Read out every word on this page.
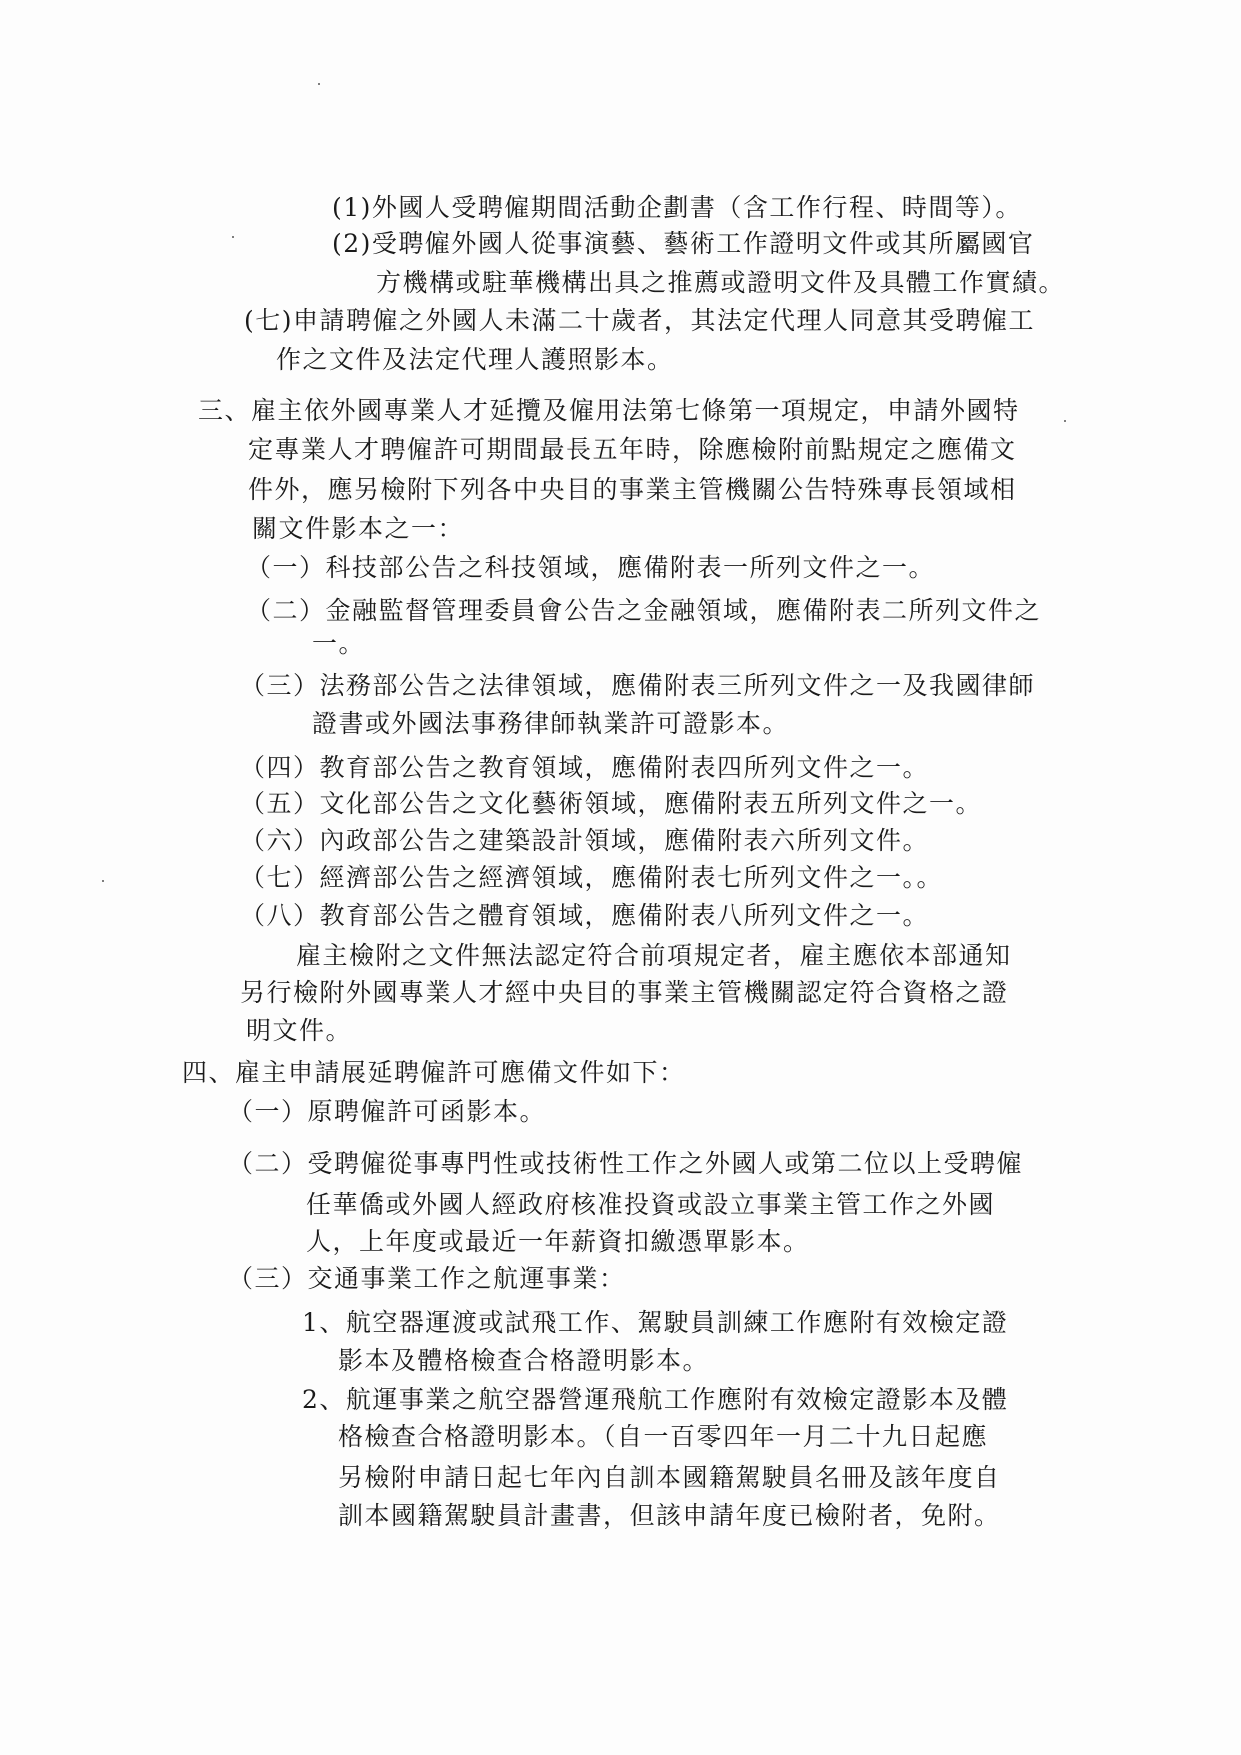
(1)外國人受聘僱期間活動企劃書（含工作行程、時間等）。
(2)受聘僱外國人從事演藝、藝術工作證明文件或其所屬國官
方機構或駐華機構出具之推薦或證明文件及具體工作實績。
(七)申請聘僱之外國人未滿二十歲者，其法定代理人同意其受聘僱工
作之文件及法定代理人護照影本。
三、雇主依外國專業人才延攬及僱用法第七條第一項規定，申請外國特
定專業人才聘僱許可期間最長五年時，除應檢附前點規定之應備文
件外，應另檢附下列各中央目的事業主管機關公告特殊專長領域相
關文件影本之一：
（一）科技部公告之科技領域，應備附表一所列文件之一。
（二）金融監督管理委員會公告之金融領域，應備附表二所列文件之
一。
（三）法務部公告之法律領域，應備附表三所列文件之一及我國律師
證書或外國法事務律師執業許可證影本。
（四）教育部公告之教育領域，應備附表四所列文件之一。
（五）文化部公告之文化藝術領域，應備附表五所列文件之一。
（六）內政部公告之建築設計領域，應備附表六所列文件。
（七）經濟部公告之經濟領域，應備附表七所列文件之一。。
（八）教育部公告之體育領域，應備附表八所列文件之一。
雇主檢附之文件無法認定符合前項規定者，雇主應依本部通知
另行檢附外國專業人才經中央目的事業主管機關認定符合資格之證
明文件。
四、雇主申請展延聘僱許可應備文件如下：
（一）原聘僱許可函影本。
（二）受聘僱從事專門性或技術性工作之外國人或第二位以上受聘僱
任華僑或外國人經政府核准投資或設立事業主管工作之外國
人，上年度或最近一年薪資扣繳憑單影本。
（三）交通事業工作之航運事業：
1、航空器運渡或試飛工作、駕駛員訓練工作應附有效檢定證
影本及體格檢查合格證明影本。
2、航運事業之航空器營運飛航工作應附有效檢定證影本及體
格檢查合格證明影本。（自一百零四年一月二十九日起應
另檢附申請日起七年內自訓本國籍駕駛員名冊及該年度自
訓本國籍駕駛員計畫書，但該申請年度已檢附者，免附。
